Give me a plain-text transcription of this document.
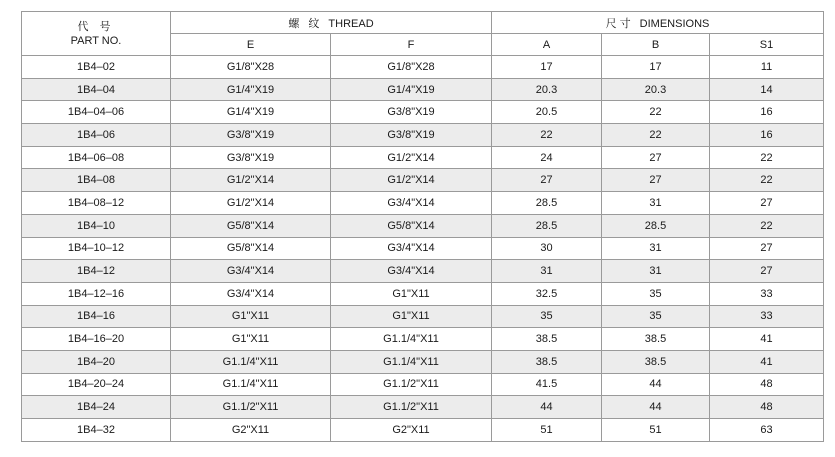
代 号
PART NO.	螺 纹 THREAD		尺寸 DIMENSIONS		
	E	F	A	B	S1
1B4–02	G1/8"X28	G1/8"X28	17	17	11
1B4–04	G1/4"X19	G1/4"X19	20.3	20.3	14
1B4–04–06	G1/4"X19	G3/8"X19	20.5	22	16
1B4–06	G3/8"X19	G3/8"X19	22	22	16
1B4–06–08	G3/8"X19	G1/2"X14	24	27	22
1B4–08	G1/2"X14	G1/2"X14	27	27	22
1B4–08–12	G1/2"X14	G3/4"X14	28.5	31	27
1B4–10	G5/8"X14	G5/8"X14	28.5	28.5	22
1B4–10–12	G5/8"X14	G3/4"X14	30	31	27
1B4–12	G3/4"X14	G3/4"X14	31	31	27
1B4–12–16	G3/4"X14	G1"X11	32.5	35	33
1B4–16	G1"X11	G1"X11	35	35	33
1B4–16–20	G1"X11	G1.1/4"X11	38.5	38.5	41
1B4–20	G1.1/4"X11	G1.1/4"X11	38.5	38.5	41
1B4–20–24	G1.1/4"X11	G1.1/2"X11	41.5	44	48
1B4–24	G1.1/2"X11	G1.1/2"X11	44	44	48
1B4–32	G2"X11	G2"X11	51	51	63
